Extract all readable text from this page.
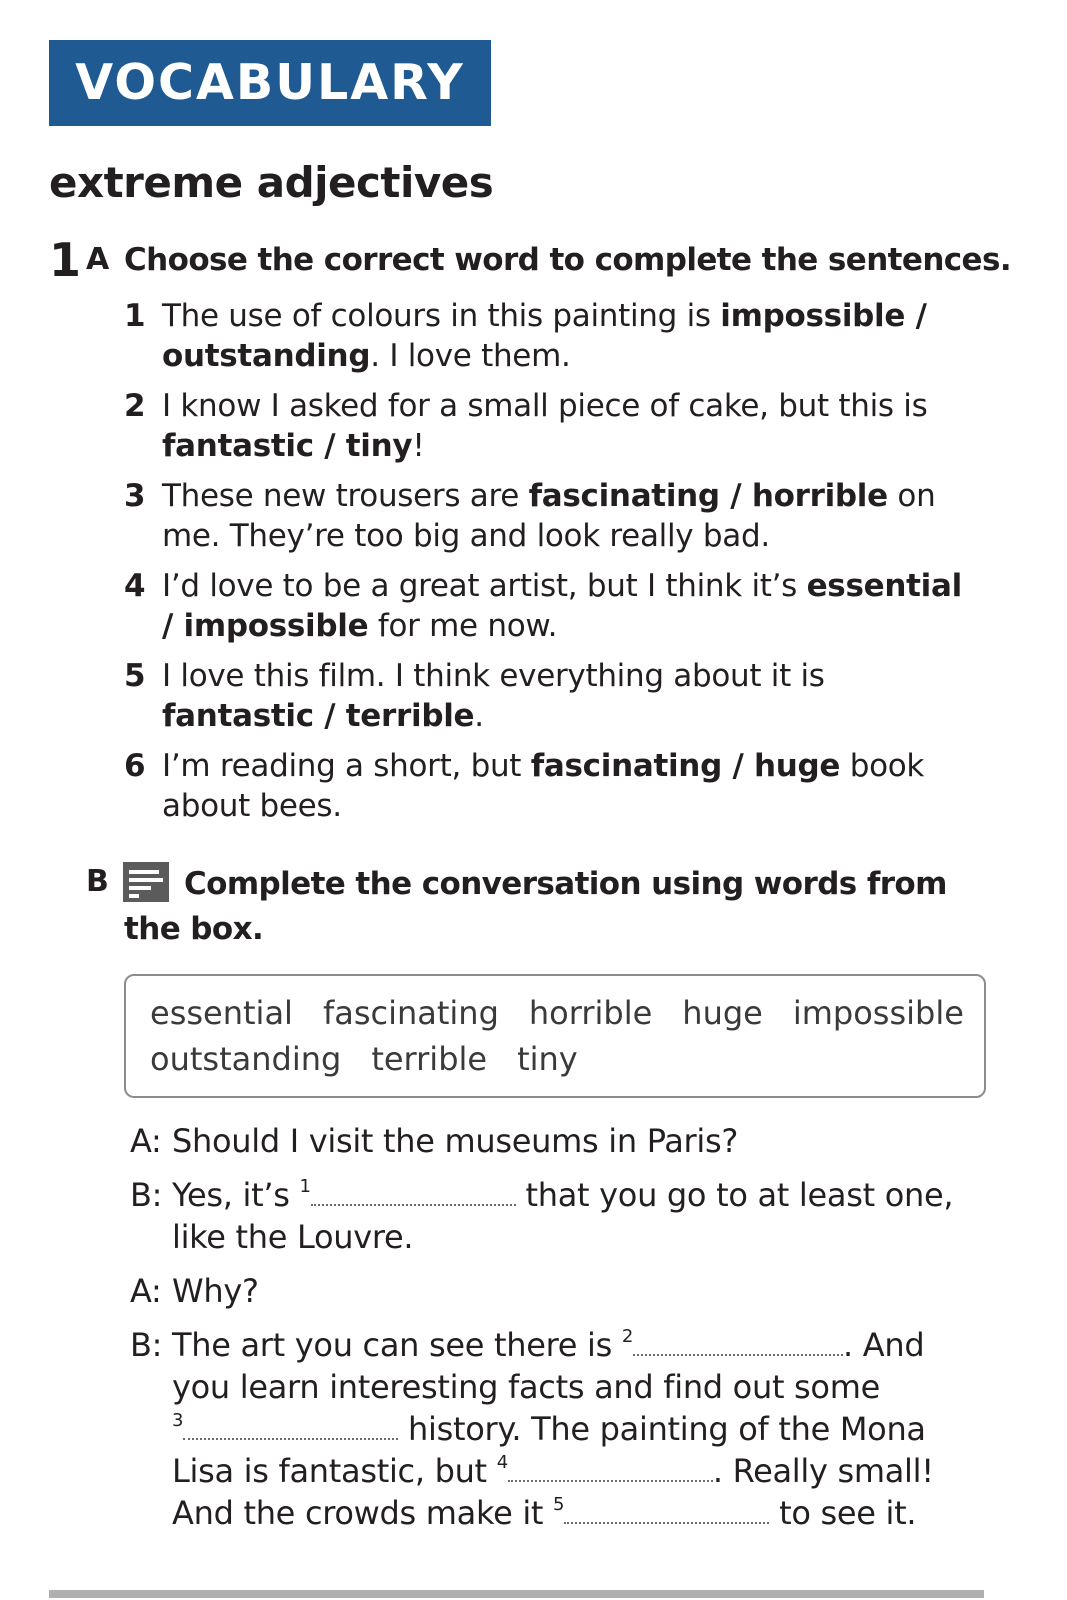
VOCABULARY
extreme adjectives
1 A Choose the correct word to complete the sentences.
1 The use of colours in this painting is impossible /
outstanding. I love them.
2 I know I asked for a small piece of cake, but this is
fantastic / tiny!
3 These new trousers are fascinating / horrible on
me. They’re too big and look really bad.
4 I’d love to be a great artist, but I think it’s essential
/ impossible for me now.
5 I love this film. I think everything about it is
fantastic / terrible.
6 I’m reading a short, but fascinating / huge book
about bees.
B	Complete the conversation using words from the box.
essential fascinating horrible huge impossible
outstanding terrible tiny
A: Should I visit the museums in Paris?
B: Yes, it’s $^1$	that you go to at least one,
like the Louvre.
A: Why?
B: The art you can see there is $^2$	. And
you learn interesting facts and find out some
$^3$	history. The painting of the Mona
Lisa is fantastic, but $^4$	. Really small!
And the crowds make it $^5$	to see it.
